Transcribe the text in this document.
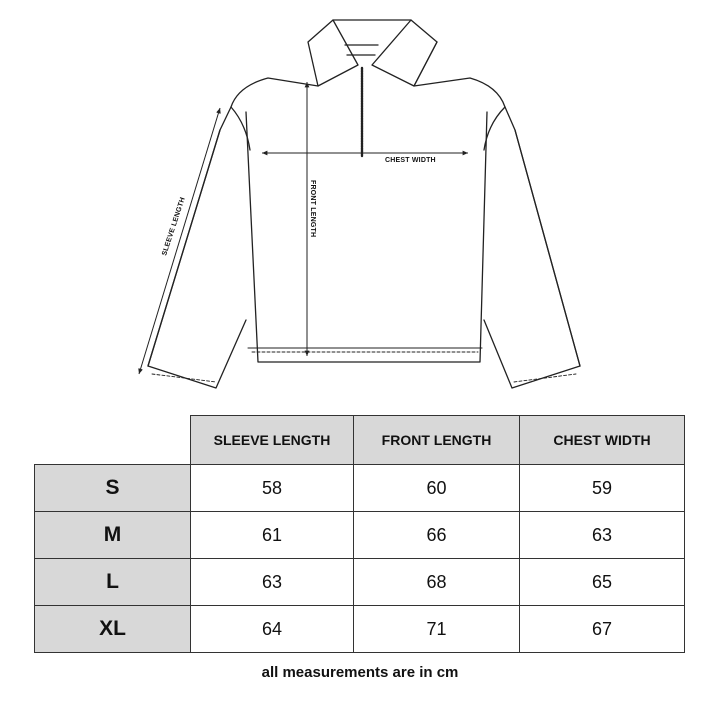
CHEST WIDTH
FRONT LENGTH
SLEEVE LENGTH
	SLEEVE LENGTH	FRONT LENGTH	CHEST WIDTH
S	58	60	59
M	61	66	63
L	63	68	65
XL	64	71	67
all measurements are in cm
